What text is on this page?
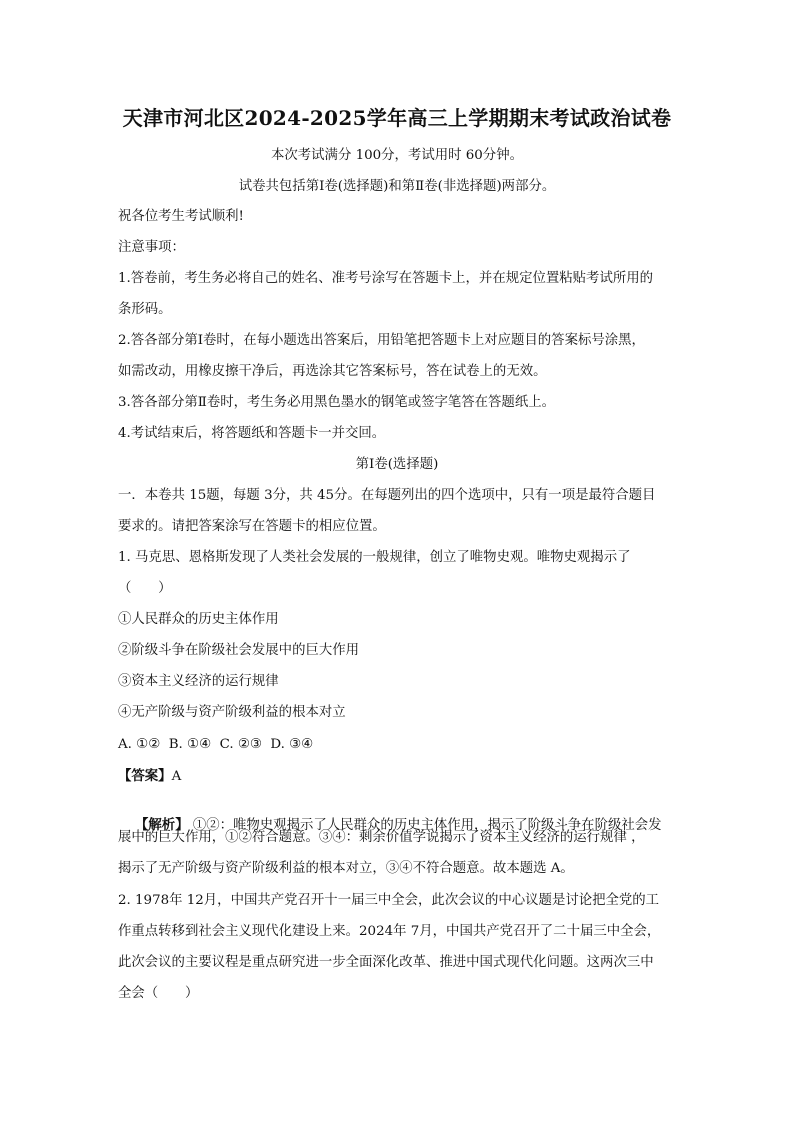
天津市河北区2024-2025学年高三上学期期末考试政治试卷
本次考试满分 100分，考试用时 60分钟。
试卷共包括第Ⅰ卷(选择题)和第Ⅱ卷(非选择题)两部分。
祝各位考生考试顺利!
注意事项：
1.答卷前，考生务必将自己的姓名、准考号涂写在答题卡上，并在规定位置粘贴考试所用的
条形码。
2.答各部分第Ⅰ卷时，在每小题选出答案后，用铅笔把答题卡上对应题目的答案标号涂黑，
如需改动，用橡皮擦干净后，再选涂其它答案标号，答在试卷上的无效。
3.答各部分第Ⅱ卷时，考生务必用黑色墨水的钢笔或签字笔答在答题纸上。
4.考试结束后，将答题纸和答题卡一并交回。
第Ⅰ卷(选择题)
一．本卷共 15题，每题 3分，共 45分。在每题列出的四个选项中，只有一项是最符合题目
要求的。请把答案涂写在答题卡的相应位置。
1. 马克思、恩格斯发现了人类社会发展的一般规律，创立了唯物史观。唯物史观揭示了
（　　）
①人民群众的历史主体作用
②阶级斗争在阶级社会发展中的巨大作用
③资本主义经济的运行规律
④无产阶级与资产阶级利益的根本对立
A. ①②  B. ①④  C. ②③  D. ③④
【答案】A

【解析】 ①②：唯物史观揭示了人民群众的历史主体作用，揭示了阶级斗争在阶级社会发

展中的巨大作用，①②符合题意。③④：剩余价值学说揭示了资本主义经济的运行规律 ，
揭示了无产阶级与资产阶级利益的根本对立，③④不符合题意。故本题选 A。
2. 1978年 12月，中国共产党召开十一届三中全会，此次会议的中心议题是讨论把全党的工
作重点转移到社会主义现代化建设上来。2024年 7月，中国共产党召开了二十届三中全会，
此次会议的主要议程是重点研究进一步全面深化改革、推进中国式现代化问题。这两次三中
全会（　　）
